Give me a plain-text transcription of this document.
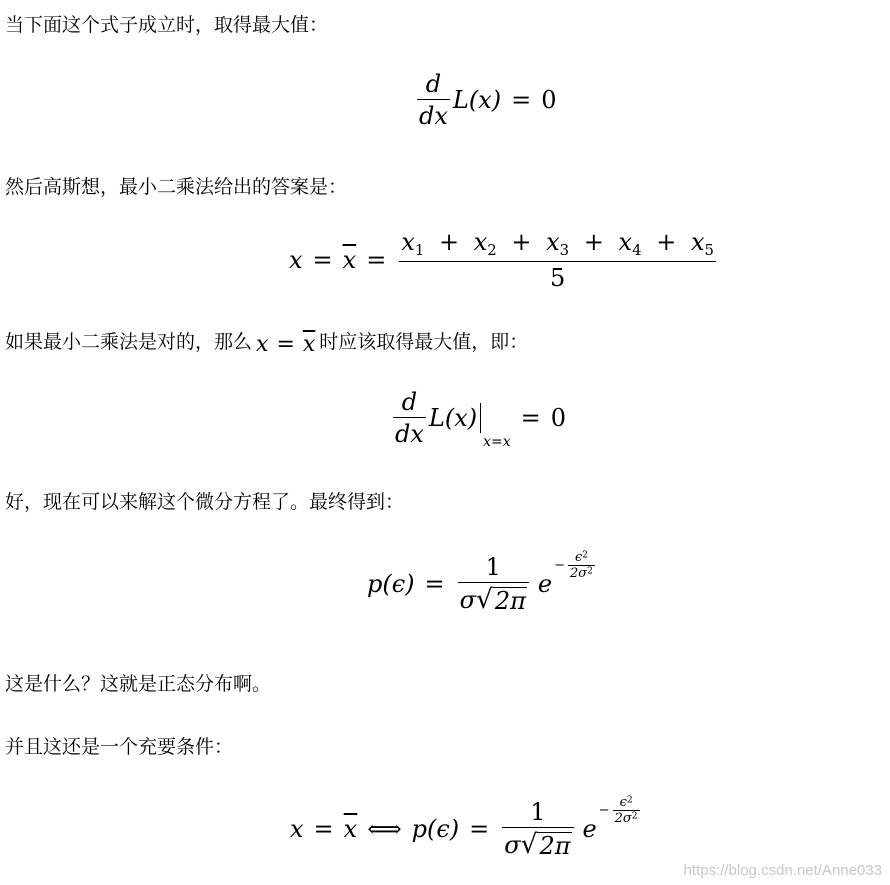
当下面这个式子成立时，取得最大值：
$\frac{d}{dx} L(x) = 0$
然后高斯想，最小二乘法给出的答案是：
$x = \overline{x}$ =
$x_1 + x_2 + x_3 + x_4 + x_5$
5
如果最小二乘法是对的，那么 $x = \overline{x}$ 时应该取得最大值，即：
$\frac{d}{dx} L(x)$
x=x
= 0
好，现在可以来解这个微分方程了。最终得到：
$p(\epsilon) = \frac{1}{\sigma √ 2\pi}$ e
− $\frac{\epsilon^2}{2\sigma^2}$
这是什么？这就是正态分布啊。
并且这还是一个充要条件：
$x = \overline{x}$ ⟺ $p(\epsilon) = \frac{1}{\sigma √ 2\pi}$ e
− $\frac{\epsilon^2}{2\sigma^2}$
https://blog.csdn.net/Anne033
